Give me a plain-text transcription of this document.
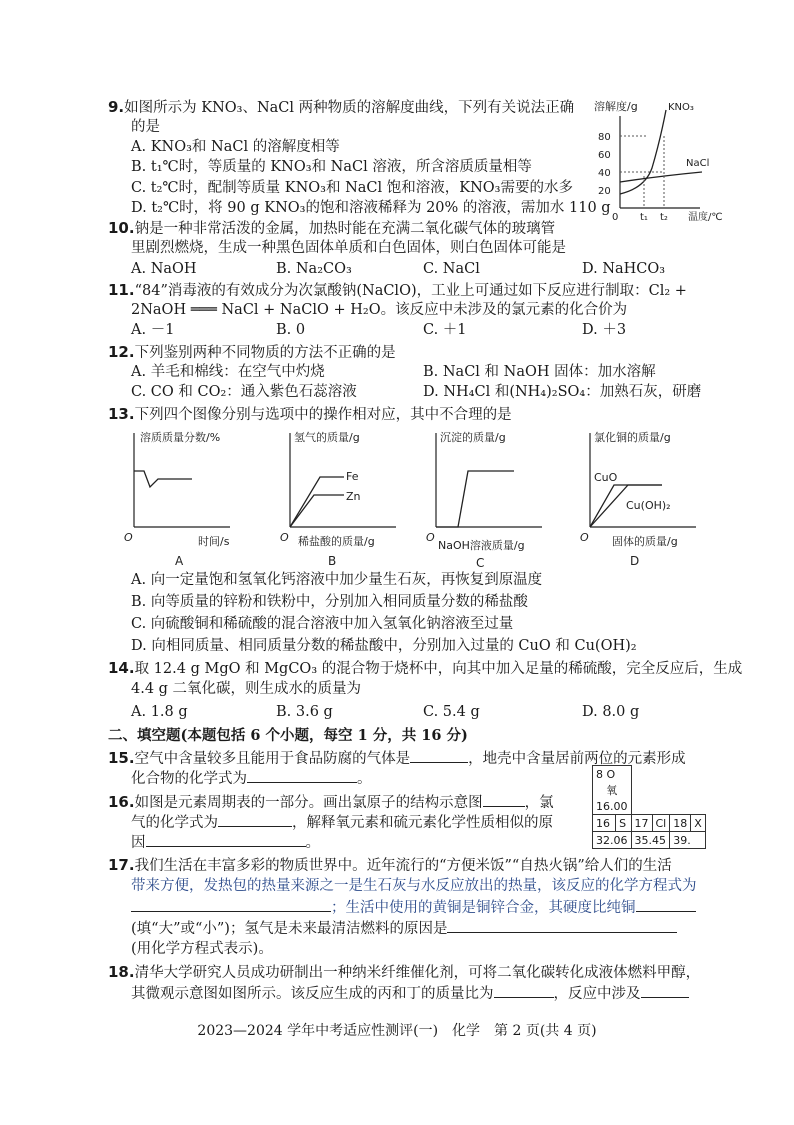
9.如图所示为 KNO₃、NaCl 两种物质的溶解度曲线，下列有关说法正确
的是
A. KNO₃和 NaCl 的溶解度相等
B. t₁℃时，等质量的 KNO₃和 NaCl 溶液，所含溶质质量相等
C. t₂℃时，配制等质量 KNO₃和 NaCl 饱和溶液，KNO₃需要的水多
D. t₂℃时，将 90 g KNO₃的饱和溶液稀释为 20% 的溶液，需加水 110 g
溶解度/g
80
60
40
20
KNO₃
NaCl
0 t₁ t₂ 温度/℃
10.钠是一种非常活泼的金属，加热时能在充满二氧化碳气体的玻璃管
里剧烈燃烧，生成一种黑色固体单质和白色固体，则白色固体可能是
A. NaOH	B. Na₂CO₃	C. NaCl	D. NaHCO₃
11.“84”消毒液的有效成分为次氯酸钠(NaClO)，工业上可通过如下反应进行制取：Cl₂ +
2NaOH ═══ NaCl + NaClO + H₂O。该反应中未涉及的氯元素的化合价为
A. －1	B. 0	C. ＋1	D. ＋3
12.下列鉴别两种不同物质的方法不正确的是
A. 羊毛和棉线：在空气中灼烧	B. NaCl 和 NaOH 固体：加水溶解
C. CO 和 CO₂：通入紫色石蕊溶液	D. NH₄Cl 和(NH₄)₂SO₄：加熟石灰，研磨
13.下列四个图像分别与选项中的操作相对应，其中不合理的是
溶质质量分数/%
O	时间/s
A
氢气的质量/g
Fe
Zn
O 稀盐酸的质量/g
B
沉淀的质量/g
O
NaOH溶液质量/g
C
氯化铜的质量/g
CuO
Cu(OH)₂
O 固体的质量/g
D
A. 向一定量饱和氢氧化钙溶液中加少量生石灰，再恢复到原温度
B. 向等质量的锌粉和铁粉中，分别加入相同质量分数的稀盐酸
C. 向硫酸铜和稀硫酸的混合溶液中加入氢氧化钠溶液至过量
D. 向相同质量、相同质量分数的稀盐酸中，分别加入过量的 CuO 和 Cu(OH)₂
14.取 12.4 g MgO 和 MgCO₃ 的混合物于烧杯中，向其中加入足量的稀硫酸，完全反应后，生成
4.4 g 二氧化碳，则生成水的质量为
A. 1.8 g	B. 3.6 g	C. 5.4 g	D. 8.0 g
二、填空题(本题包括 6 个小题，每空 1 分，共 16 分)
15.空气中含量较多且能用于食品防腐的气体是	，地壳中含量居前两位的元素形成
化合物的化学式为	。	8 O					
氧					
16.00					
16	S	17	Cl	18	X
32.06		35.45		39.	
16.如图是元素周期表的一部分。画出氯原子的结构示意图	，氯
气的化学式为	，解释氧元素和硫元素化学性质相似的原
因	。
17.我们生活在丰富多彩的物质世界中。近年流行的“方便米饭”“自热火锅”给人们的生活
带来方便，发热包的热量来源之一是生石灰与水反应放出的热量，该反应的化学方程式为
；生活中使用的黄铜是铜锌合金，其硬度比纯铜
(填“大”或“小”)；氢气是未来最清洁燃料的原因是
(用化学方程式表示)。
18.清华大学研究人员成功研制出一种纳米纤维催化剂，可将二氧化碳转化成液体燃料甲醇，
其微观示意图如图所示。该反应生成的丙和丁的质量比为	，反应中涉及
2023—2024 学年中考适应性测评(一)　化学　第 2 页(共 4 页)
